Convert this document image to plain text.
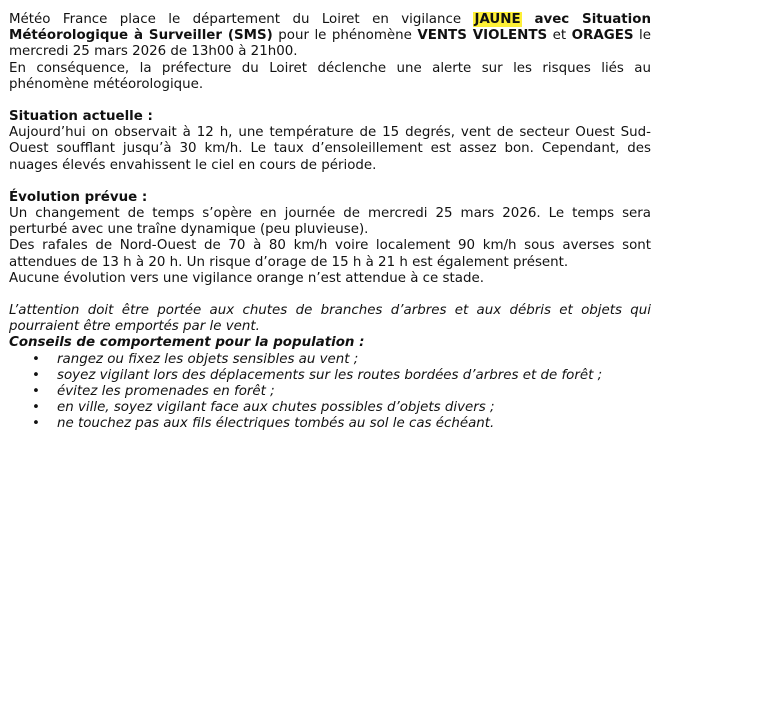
Météo France place le département du Loiret en vigilance JAUNE avec Situation Météorologique à Surveiller (SMS) pour le phénomène VENTS VIOLENTS et ORAGES le mercredi 25 mars 2026 de 13h00 à 21h00.

En conséquence, la préfecture du Loiret déclenche une alerte sur les risques liés au phénomène météorologique.

Situation actuelle :

Aujourd’hui on observait à 12 h, une température de 15 degrés, vent de secteur Ouest Sud-Ouest soufflant jusqu’à 30 km/h. Le taux d’ensoleillement est assez bon. Cependant, des nuages élevés envahissent le ciel en cours de période.

Évolution prévue :

Un changement de temps s’opère en journée de mercredi 25 mars 2026. Le temps sera perturbé avec une traîne dynamique (peu pluvieuse).

Des rafales de Nord-Ouest de 70 à 80 km/h voire localement 90 km/h sous averses sont attendues de 13 h à 20 h. Un risque d’orage de 15 h à 21 h est également présent.

Aucune évolution vers une vigilance orange n’est attendue à ce stade.

L’attention doit être portée aux chutes de branches d’arbres et aux débris et objets qui pourraient être emportés par le vent.

Conseils de comportement pour la population :

• rangez ou fixez les objets sensibles au vent ;
• soyez vigilant lors des déplacements sur les routes bordées d’arbres et de forêt ;
• évitez les promenades en forêt ;
• en ville, soyez vigilant face aux chutes possibles d’objets divers ;
• ne touchez pas aux fils électriques tombés au sol le cas échéant.
